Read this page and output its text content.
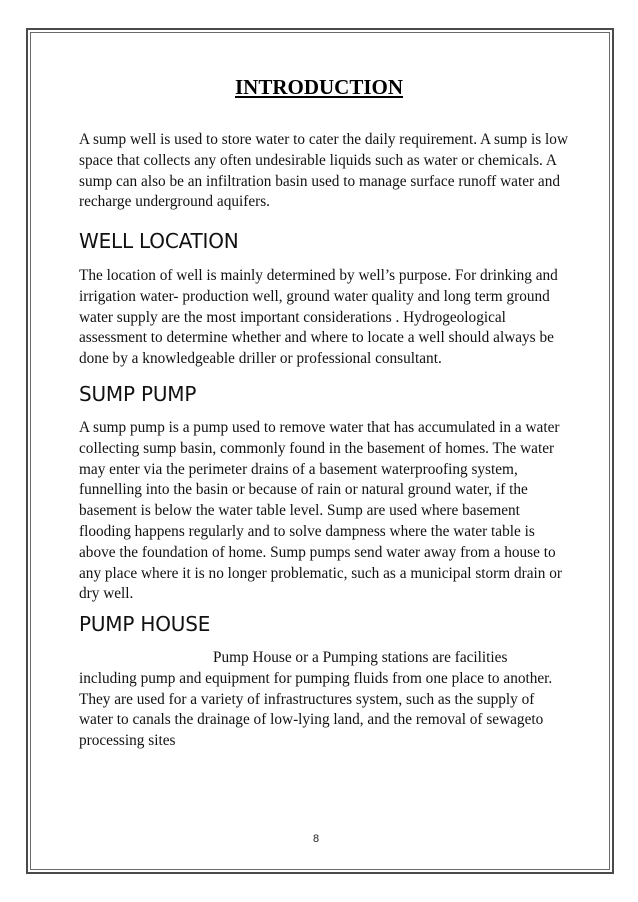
INTRODUCTION

A sump well is used to store water to cater the daily requirement. A sump is low
space that collects any often undesirable liquids such as water or chemicals. A
sump can also be an infiltration basin used to manage surface runoff water and
recharge underground aquifers.

WELL LOCATION

The location of well is mainly determined by well’s purpose. For drinking and
irrigation water- production well, ground water quality and long term ground
water supply are the most important considerations . Hydrogeological
assessment to determine whether and where to locate a well should always be
done by a knowledgeable driller or professional consultant.

SUMP PUMP

A sump pump is a pump used to remove water that has accumulated in a water
collecting sump basin, commonly found in the basement of homes. The water
may enter via the perimeter drains of a basement waterproofing system,
funnelling into the basin or because of rain or natural ground water, if the
basement is below the water table level. Sump are used where basement
flooding happens regularly and to solve dampness where the water table is
above the foundation of home. Sump pumps send water away from a house to
any place where it is no longer problematic, such as a municipal storm drain or
dry well.

PUMP HOUSE

Pump House or a Pumping stations are facilities
including pump and equipment for pumping fluids from one place to another.
They are used for a variety of infrastructures system, such as the supply of
water to canals the drainage of low-lying land, and the removal of sewageto
processing sites

8
